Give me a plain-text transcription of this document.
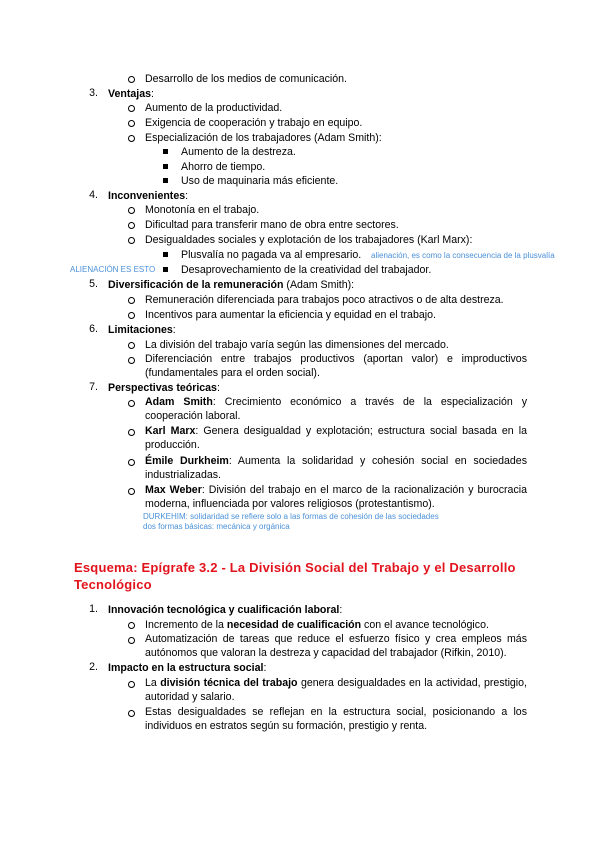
Desarrollo de los medios de comunicación.
3. Ventajas:
Aumento de la productividad.
Exigencia de cooperación y trabajo en equipo.
Especialización de los trabajadores (Adam Smith):
Aumento de la destreza.
Ahorro de tiempo.
Uso de maquinaria más eficiente.
4. Inconvenientes:
Monotonía en el trabajo.
Dificultad para transferir mano de obra entre sectores.
Desigualdades sociales y explotación de los trabajadores (Karl Marx):
Plusvalía no pagada va al empresario. alienación, es como la consecuencia de la plusvalía
ALIENACIÓN ES ESTO Desaprovechamiento de la creatividad del trabajador.
5. Diversificación de la remuneración (Adam Smith):
Remuneración diferenciada para trabajos poco atractivos o de alta destreza.
Incentivos para aumentar la eficiencia y equidad en el trabajo.
6. Limitaciones:
La división del trabajo varía según las dimensiones del mercado.
Diferenciación entre trabajos productivos (aportan valor) e improductivos (fundamentales para el orden social).
7. Perspectivas teóricas:
Adam Smith: Crecimiento económico a través de la especialización y cooperación laboral.
Karl Marx: Genera desigualdad y explotación; estructura social basada en la producción.
Émile Durkheim: Aumenta la solidaridad y cohesión social en sociedades industrializadas.
Max Weber: División del trabajo en el marco de la racionalización y burocracia moderna, influenciada por valores religiosos (protestantismo).
DURKEHIM: solidaridad se refiere solo a las formas de cohesión de las sociedades
dos formas básicas: mecánica y orgánica
Esquema: Epígrafe 3.2 - La División Social del Trabajo y el Desarrollo Tecnológico
1. Innovación tecnológica y cualificación laboral:
Incremento de la necesidad de cualificación con el avance tecnológico.
Automatización de tareas que reduce el esfuerzo físico y crea empleos más autónomos que valoran la destreza y capacidad del trabajador (Rifkin, 2010).
2. Impacto en la estructura social:
La división técnica del trabajo genera desigualdades en la actividad, prestigio, autoridad y salario.
Estas desigualdades se reflejan en la estructura social, posicionando a los individuos en estratos según su formación, prestigio y renta.
